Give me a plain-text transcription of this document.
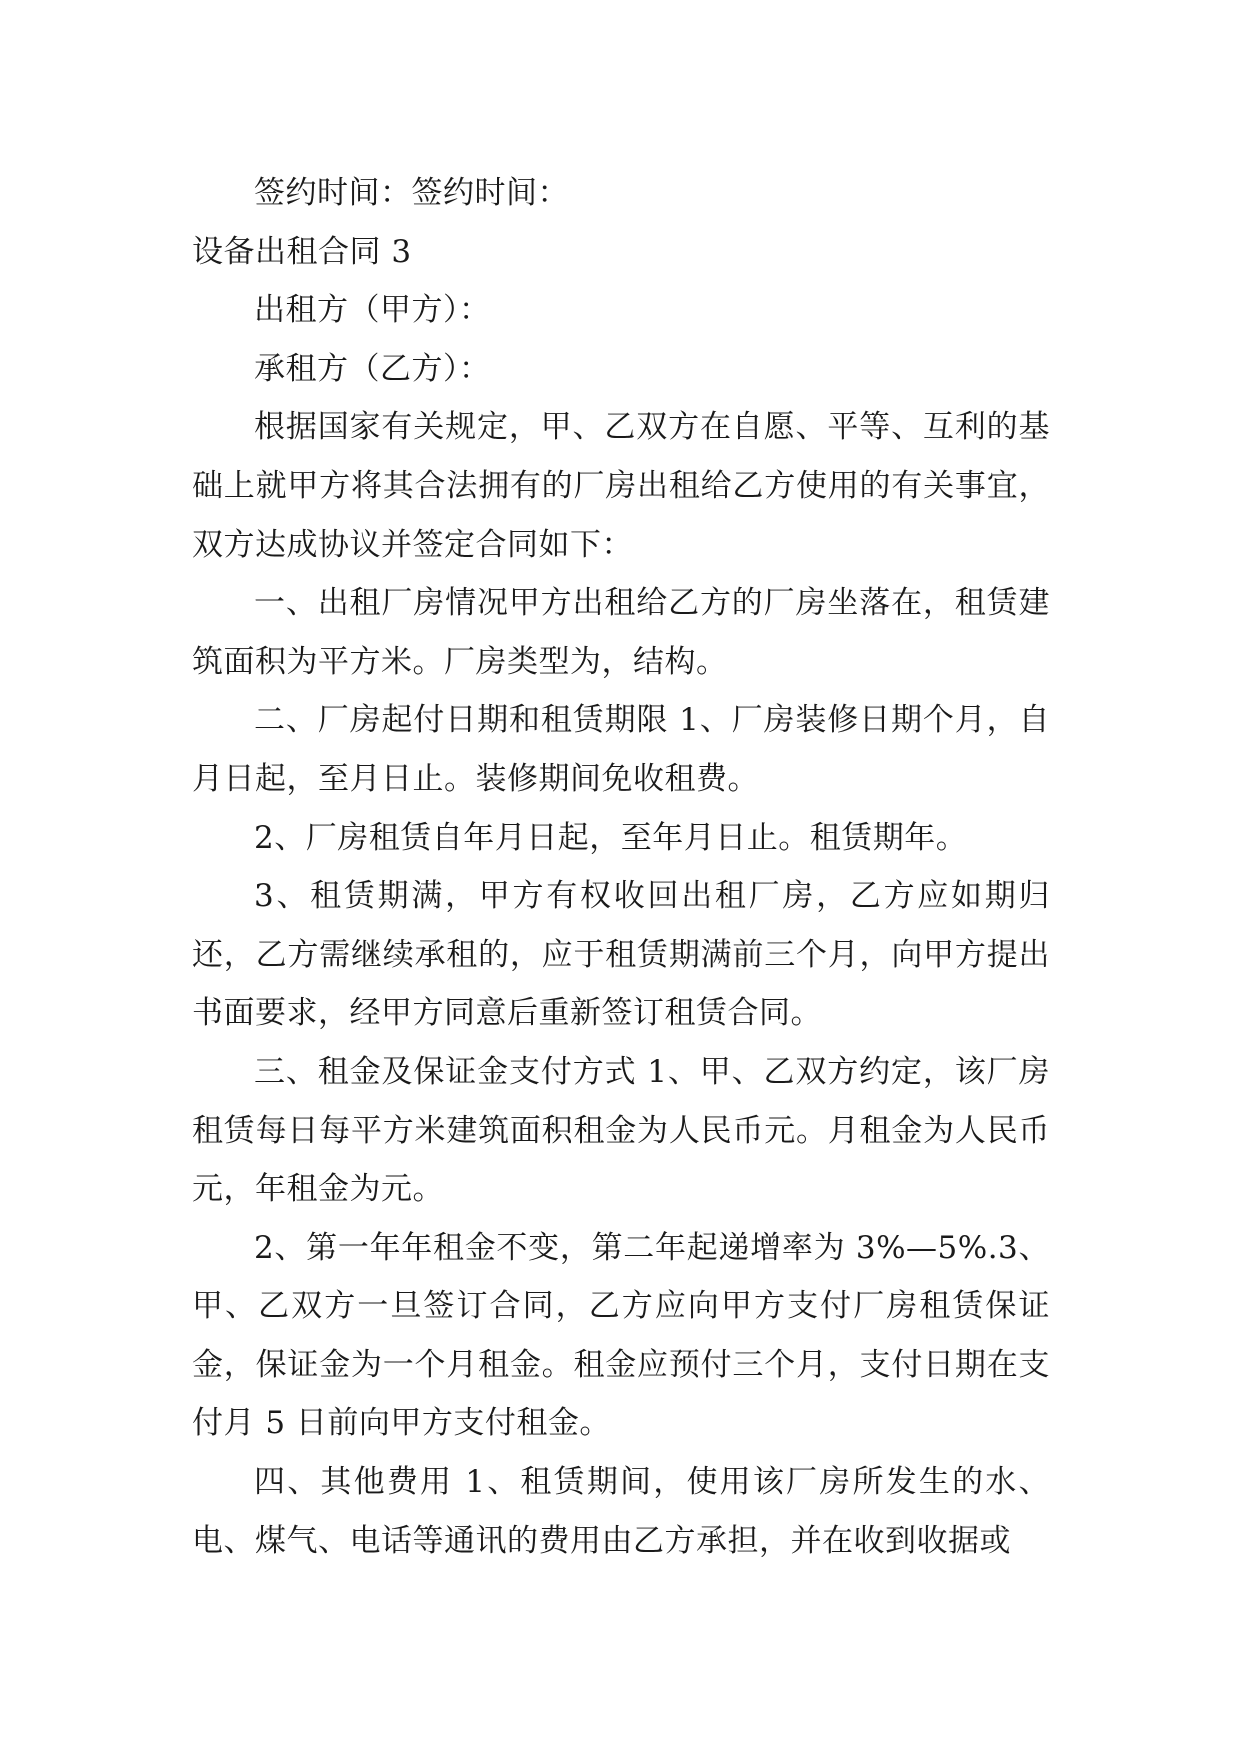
签约时间：签约时间：

设备出租合同 3

出租方（甲方）：

承租方（乙方）：

根据国家有关规定，甲、乙双方在自愿、平等、互利的基础上就甲方将其合法拥有的厂房出租给乙方使用的有关事宜，双方达成协议并签定合同如下：

一、出租厂房情况甲方出租给乙方的厂房坐落在，租赁建筑面积为平方米。厂房类型为，结构。

二、厂房起付日期和租赁期限 1、厂房装修日期个月，自月日起，至月日止。装修期间免收租费。

2、厂房租赁自年月日起，至年月日止。租赁期年。

3、租赁期满，甲方有权收回出租厂房，乙方应如期归还，乙方需继续承租的，应于租赁期满前三个月，向甲方提出书面要求，经甲方同意后重新签订租赁合同。

三、租金及保证金支付方式 1、甲、乙双方约定，该厂房租赁每日每平方米建筑面积租金为人民币元。月租金为人民币元，年租金为元。

2、第一年年租金不变，第二年起递增率为 3%—5%.3、甲、乙双方一旦签订合同，乙方应向甲方支付厂房租赁保证金，保证金为一个月租金。租金应预付三个月，支付日期在支付月 5 日前向甲方支付租金。

四、其他费用 1、租赁期间，使用该厂房所发生的水、电、煤气、电话等通讯的费用由乙方承担，并在收到收据或
